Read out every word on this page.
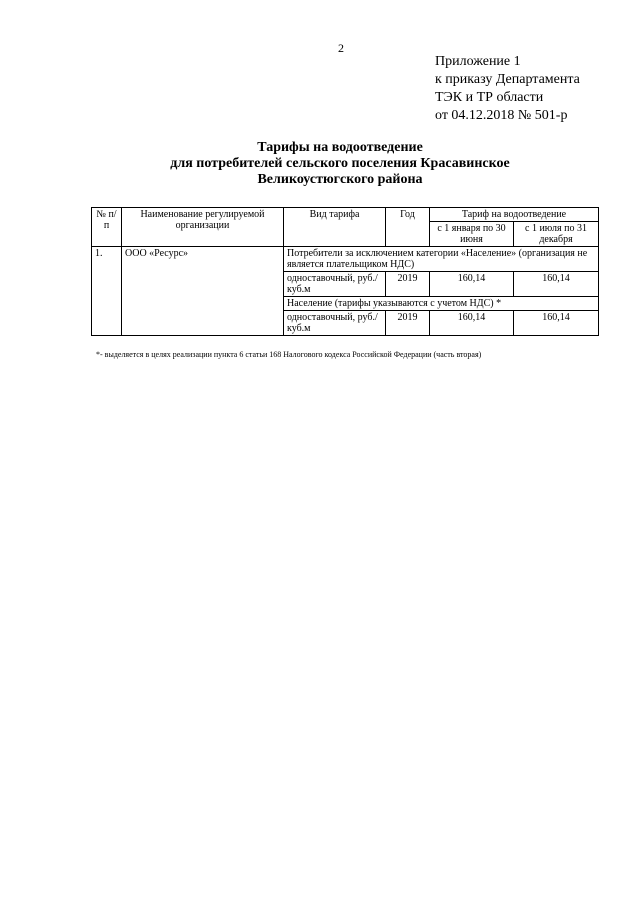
2
Приложение 1
к приказу Департамента
ТЭК и ТР области
от 04.12.2018 № 501-р
Тарифы на водоотведение
для потребителей сельского поселения Красавинское
Великоустюгского района
№ п/п	Наименование регулируемой организации	Вид тарифа	Год	Тариф на водоотведение	
				с 1 января по 30 июня	с 1 июля по 31 декабря
1.	ООО «Ресурс»	Потребители за исключением категории «Население» (организация не является плательщиком НДС)			
		одноставочный, руб./куб.м	2019	160,14	160,14
		Население (тарифы указываются с учетом НДС) *			
		одноставочный, руб./куб.м	2019	160,14	160,14
*- выделяется в целях реализации пункта 6 статьи 168 Налогового кодекса Российской Федерации (часть вторая)
